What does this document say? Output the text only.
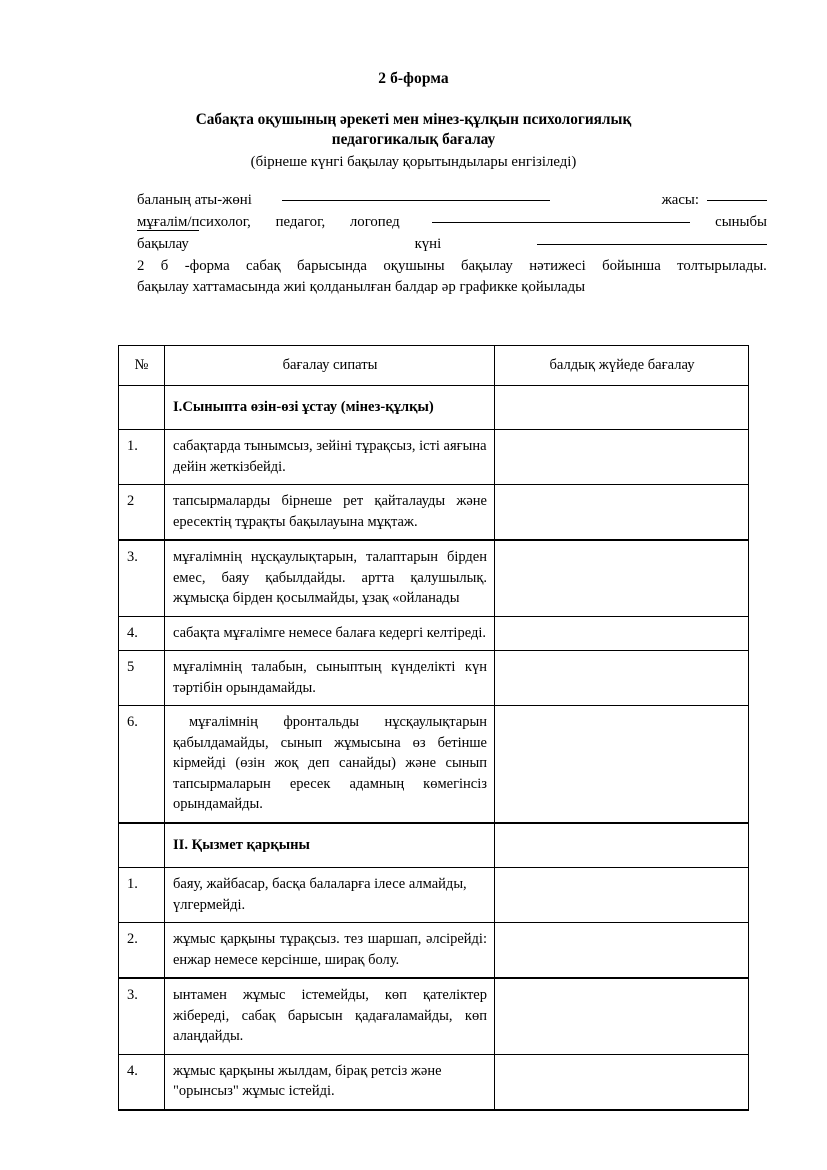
2 б-форма
Сабақта оқушының әрекеті мен мінез-құлқын психологиялық педагогикалық бағалау
(бірнеше күнгі бақылау қорытындылары енгізіледі)
баланың аты-жөні	жасы:
мұғалім/психолог, педагог, логопед	сыныбы
бақылау	күні
2 б -форма сабақ барысында оқушыны бақылау нәтижесі бойынша толтырылады.
бақылау хаттамасында жиі қолданылған балдар әр графикке қойылады
№	бағалау сипаты	балдық жүйеде бағалау
	I.Сыныпта өзін-өзі ұстау (мінез-құлқы)	
1.	сабақтарда тынымсыз, зейіні тұрақсыз, істі аяғына дейін жеткізбейді.	
2	тапсырмаларды бірнеше рет қайталауды және ересектің тұрақты бақылауына мұқтаж.	
3.	мұғалімнің нұсқаулықтарын, талаптарын бірден емес, баяу қабылдайды. артта қалушылық. жұмысқа бірден қосылмайды, ұзақ «ойланады	
4.	сабақта мұғалімге немесе балаға кедергі келтіреді.	
5	мұғалімнің талабын, сыныптың күнделікті күн тәртібін орындамайды.	
6.	мұғалімнің фронтальды нұсқаулықтарын қабылдамайды, сынып жұмысына өз бетінше кірмейді (өзін жоқ деп санайды) және сынып тапсырмаларын ересек адамның көмегінсіз орындамайды.	
	II. Қызмет қарқыны	
1.	баяу, жайбасар, басқа балаларға ілесе алмайды, үлгермейді.	
2.	жұмыс қарқыны тұрақсыз. тез шаршап, әлсірейді: енжар немесе керсінше, ширақ болу.	
3.	ынтамен жұмыс істемейды, көп қателіктер жібереді, сабақ барысын қадағаламайды, көп алаңдайды.	
4.	жұмыс қарқыны жылдам, бірақ ретсіз және "орынсыз" жұмыс істейді.	
